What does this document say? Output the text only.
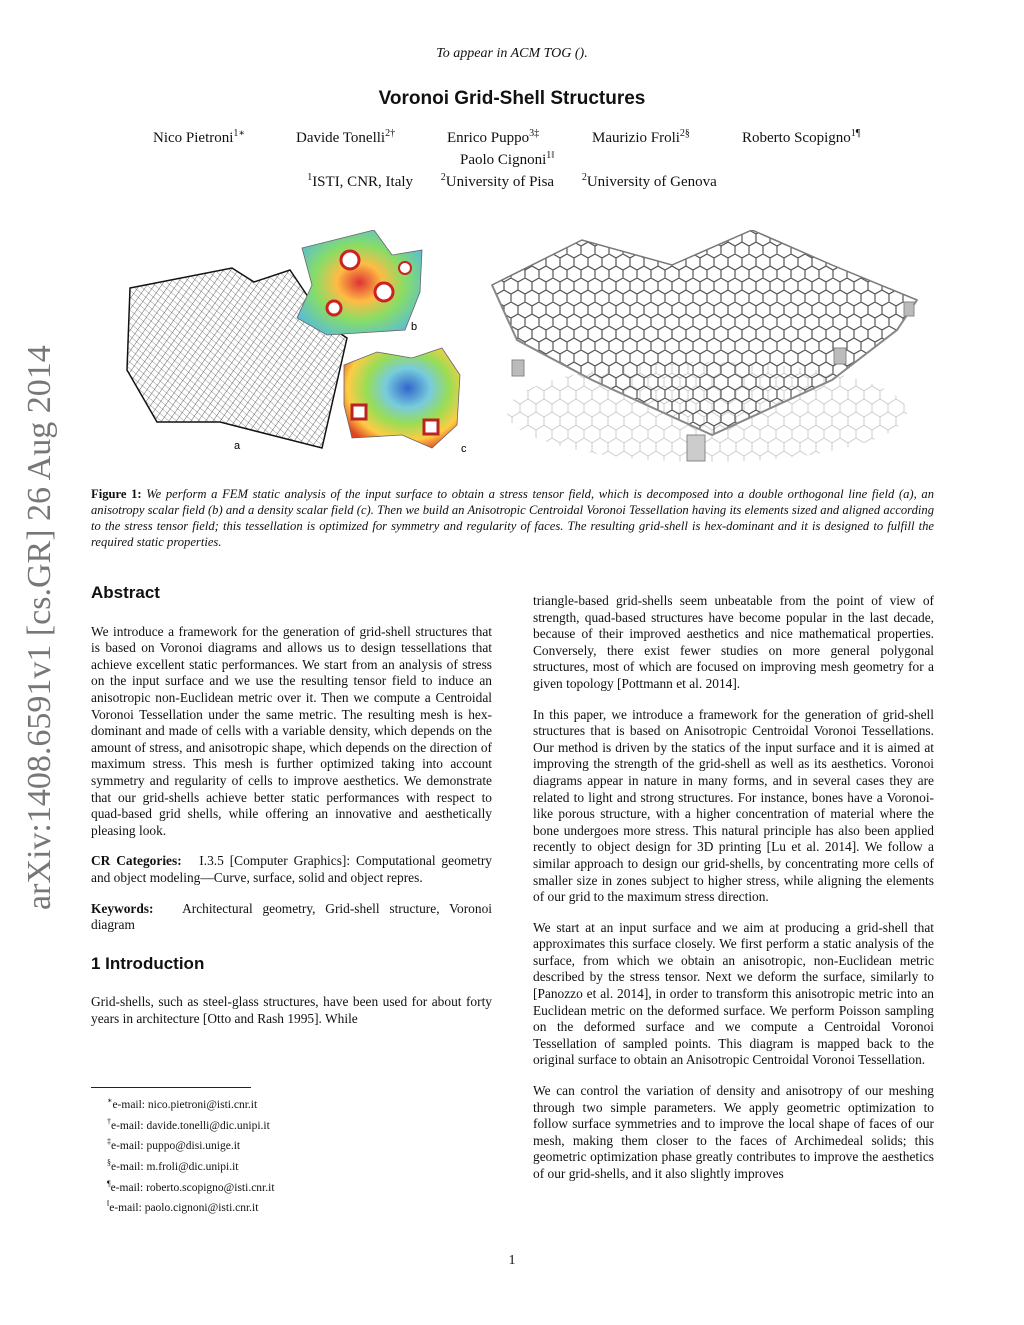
To appear in ACM TOG ().
Voronoi Grid-Shell Structures
Nico Pietroni$^{1∗}$	Davide Tonelli$^{2\dagger}$	Enrico Puppo$^{3\ddagger}$	Maurizio Froli$^{2\S}$	Roberto Scopigno$^{1\P}$
Paolo Cignoni$^{1‖}$
$^1$ISTI, CNR, Italy	$^2$University of Pisa	$^2$University of Genova
arXiv:1408.6591v1 [cs.GR] 26 Aug 2014	a
b
c
Figure 1: We perform a FEM static analysis of the input surface to obtain a stress tensor field, which is decomposed into a double orthogonal line field (a), an anisotropy scalar field (b) and a density scalar field (c). Then we build an Anisotropic Centroidal Voronoi Tessellation having its elements sized and aligned according to the stress tensor field; this tessellation is optimized for symmetry and regularity of faces. The resulting grid-shell is hex-dominant and it is designed to fulfill the required static properties.
Abstract

We introduce a framework for the generation of grid-shell structures that is based on Voronoi diagrams and allows us to design tessellations that achieve excellent static performances. We start from an analysis of stress on the input surface and we use the resulting tensor field to induce an anisotropic non-Euclidean metric over it. Then we compute a Centroidal Voronoi Tessellation under the same metric. The resulting mesh is hex-dominant and made of cells with a variable density, which depends on the amount of stress, and anisotropic shape, which depends on the direction of maximum stress. This mesh is further optimized taking into account symmetry and regularity of cells to improve aesthetics. We demonstrate that our grid-shells achieve better static performances with respect to quad-based grid shells, while offering an innovative and aesthetically pleasing look.

CR Categories: I.3.5 [Computer Graphics]: Computational geometry and object modeling—Curve, surface, solid and object repres.

Keywords: Architectural geometry, Grid-shell structure, Voronoi diagram

1 Introduction

Grid-shells, such as steel-glass structures, have been used for about forty years in architecture [Otto and Rash 1995]. While

∗e-mail: nico.pietroni@isti.cnr.it
†e-mail: davide.tonelli@dic.unipi.it
‡e-mail: puppo@disi.unige.it
§e-mail: m.froli@dic.unipi.it
¶e-mail: roberto.scopigno@isti.cnr.it
‖e-mail: paolo.cignoni@isti.cnr.it

triangle-based grid-shells seem unbeatable from the point of view of strength, quad-based structures have become popular in the last decade, because of their improved aesthetics and nice mathematical properties. Conversely, there exist fewer studies on more general polygonal structures, most of which are focused on improving mesh geometry for a given topology [Pottmann et al. 2014].

In this paper, we introduce a framework for the generation of grid-shell structures that is based on Anisotropic Centroidal Voronoi Tessellations. Our method is driven by the statics of the input surface and it is aimed at improving the strength of the grid-shell as well as its aesthetics. Voronoi diagrams appear in nature in many forms, and in several cases they are related to light and strong structures. For instance, bones have a Voronoi-like porous structure, with a higher concentration of material where the bone undergoes more stress. This natural principle has also been applied recently to object design for 3D printing [Lu et al. 2014]. We follow a similar approach to design our grid-shells, by concentrating more cells of smaller size in zones subject to higher stress, while aligning the elements of our grid to the maximum stress direction.

We start at an input surface and we aim at producing a grid-shell that approximates this surface closely. We first perform a static analysis of the surface, from which we obtain an anisotropic, non-Euclidean metric described by the stress tensor. Next we deform the surface, similarly to [Panozzo et al. 2014], in order to transform this anisotropic metric into an Euclidean metric on the deformed surface. We perform Poisson sampling on the deformed surface and we compute a Centroidal Voronoi Tessellation of sampled points. This diagram is mapped back to the original surface to obtain an Anisotropic Centroidal Voronoi Tessellation.

We can control the variation of density and anisotropy of our meshing through two simple parameters. We apply geometric optimization to follow surface symmetries and to improve the local shape of faces of our mesh, making them closer to the faces of Archimedeal solids; this geometric optimization phase greatly contributes to improve the aesthetics of our grid-shells, and it also slightly improves

1
